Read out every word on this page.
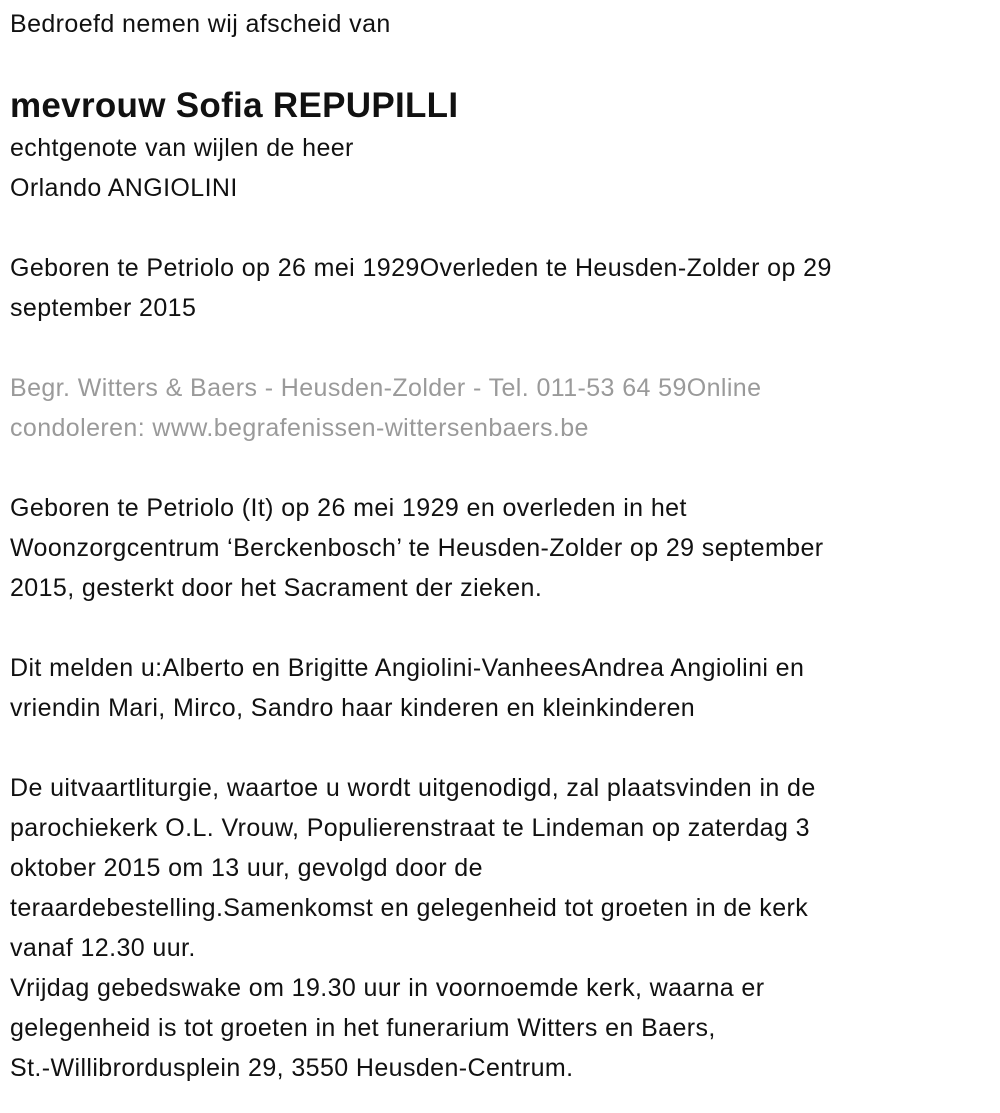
Bedroefd nemen wij afscheid van
mevrouw Sofia REPUPILLI
echtgenote van wijlen de heer
Orlando ANGIOLINI
Geboren te Petriolo op 26 mei 1929Overleden te Heusden-Zolder op 29
september 2015
Begr. Witters & Baers - Heusden-Zolder - Tel. 011-53 64 59Online
condoleren: www.begrafenissen-wittersenbaers.be
Geboren te Petriolo (It) op 26 mei 1929 en overleden in het
Woonzorgcentrum ‘Berckenbosch’ te Heusden-Zolder op 29 september
2015, gesterkt door het Sacrament der zieken.
Dit melden u:Alberto en Brigitte Angiolini-VanheesAndrea Angiolini en
vriendin Mari, Mirco, Sandro haar kinderen en kleinkinderen
De uitvaartliturgie, waartoe u wordt uitgenodigd, zal plaatsvinden in de
parochiekerk O.L. Vrouw, Populierenstraat te Lindeman op zaterdag 3
oktober 2015 om 13 uur, gevolgd door de
teraardebestelling.Samenkomst en gelegenheid tot groeten in de kerk
vanaf 12.30 uur.
Vrijdag gebedswake om 19.30 uur in voornoemde kerk, waarna er
gelegenheid is tot groeten in het funerarium Witters en Baers,
St.-Willibrordusplein 29, 3550 Heusden-Centrum.
